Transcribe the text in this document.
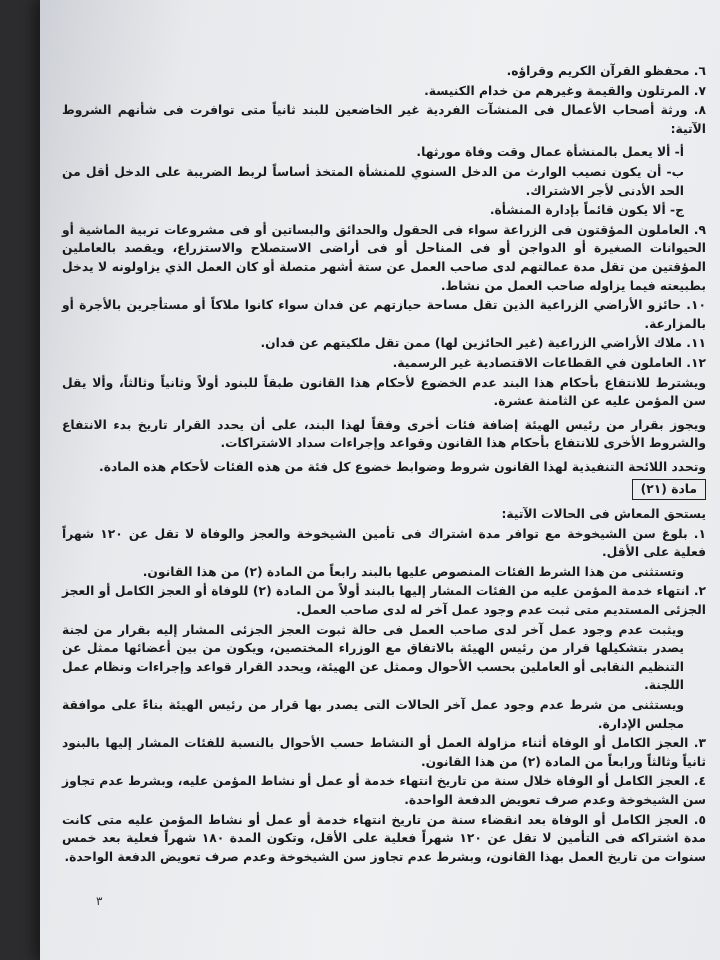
٦. محفظو القرآن الكريم وقراؤه.

٧. المرتلون والقيمة وغيرهم من خدام الكنيسة.

٨. ورثة أصحاب الأعمال فى المنشآت الفردية غير الخاضعين للبند ثانياً متى توافرت فى شأنهم الشروط الآتية:

أ- ألا يعمل بالمنشأة عمال وقت وفاة مورثها.

ب- أن يكون نصيب الوارث من الدخل السنوي للمنشأة المتخذ أساساً لربط الضريبة على الدخل أقل من الحد الأدنى لأجر الاشتراك.

ج- ألا يكون قائماً بإدارة المنشأة.

٩. العاملون المؤقتون فى الزراعة سواء فى الحقول والحدائق والبساتين أو فى مشروعات تربية الماشية أو الحيوانات الصغيرة أو الدواجن أو فى المناحل أو فى أراضى الاستصلاح والاستزراع، ويقصد بالعاملين المؤقتين من تقل مدة عمالتهم لدى صاحب العمل عن ستة أشهر متصلة أو كان العمل الذي يزاولونه لا يدخل بطبيعته فيما يزاوله صاحب العمل من نشاط.

١٠. حائزو الأراضي الزراعية الذين تقل مساحة حيازتهم عن فدان سواء كانوا ملاكاً أو مستأجرين بالأجرة أو بالمزارعة.

١١. ملاك الأراضي الزراعية (غير الحائزين لها) ممن تقل ملكيتهم عن فدان.

١٢. العاملون في القطاعات الاقتصادية غير الرسمية.

ويشترط للانتفاع بأحكام هذا البند عدم الخضوع لأحكام هذا القانون طبقاً للبنود أولاً وثانياً وثالثاً، وألا يقل سن المؤمن عليه عن الثامنة عشرة.

ويجوز بقرار من رئيس الهيئة إضافة فئات أخرى وفقاً لهذا البند، على أن يحدد القرار تاريخ بدء الانتفاع والشروط الأخرى للانتفاع بأحكام هذا القانون وقواعد وإجراءات سداد الاشتراكات.

وتحدد اللائحة التنفيذية لهذا القانون شروط وضوابط خضوع كل فئة من هذه الفئات لأحكام هذه المادة.

مادة (٢١)

يستحق المعاش فى الحالات الآتية:

١. بلوغ سن الشيخوخة مع توافر مدة اشتراك فى تأمين الشيخوخة والعجز والوفاة لا تقل عن ١٢٠ شهراً فعلية على الأقل.

وتستثنى من هذا الشرط الفئات المنصوص عليها بالبند رابعاً من المادة (٢) من هذا القانون.

٢. انتهاء خدمة المؤمن عليه من الفئات المشار إليها بالبند أولاً من المادة (٢) للوفاة أو العجز الكامل أو العجز الجزئى المستديم متى ثبت عدم وجود عمل آخر له لدى صاحب العمل.

ويثبت عدم وجود عمل آخر لدى صاحب العمل فى حالة ثبوت العجز الجزئى المشار إليه بقرار من لجنة يصدر بتشكيلها قرار من رئيس الهيئة بالاتفاق مع الوزراء المختصين، ويكون من بين أعضائها ممثل عن التنظيم النقابى أو العاملين بحسب الأحوال وممثل عن الهيئة، ويحدد القرار قواعد وإجراءات ونظام عمل اللجنة.

ويستثنى من شرط عدم وجود عمل آخر الحالات التى يصدر بها قرار من رئيس الهيئة بناءً على موافقة مجلس الإدارة.

٣. العجز الكامل أو الوفاة أثناء مزاولة العمل أو النشاط حسب الأحوال بالنسبة للفئات المشار إليها بالبنود ثانياً وثالثاً ورابعاً من المادة (٢) من هذا القانون.

٤. العجز الكامل أو الوفاة خلال سنة من تاريخ انتهاء خدمة أو عمل أو نشاط المؤمن عليه، وبشرط عدم تجاوز سن الشيخوخة وعدم صرف تعويض الدفعة الواحدة.

٥. العجز الكامل أو الوفاة بعد انقضاء سنة من تاريخ انتهاء خدمة أو عمل أو نشاط المؤمن عليه متى كانت مدة اشتراكه فى التأمين لا تقل عن ١٢٠ شهراً فعلية على الأقل، وتكون المدة ١٨٠ شهراً فعلية بعد خمس سنوات من تاريخ العمل بهذا القانون، وبشرط عدم تجاوز سن الشيخوخة وعدم صرف تعويض الدفعة الواحدة.

٣
